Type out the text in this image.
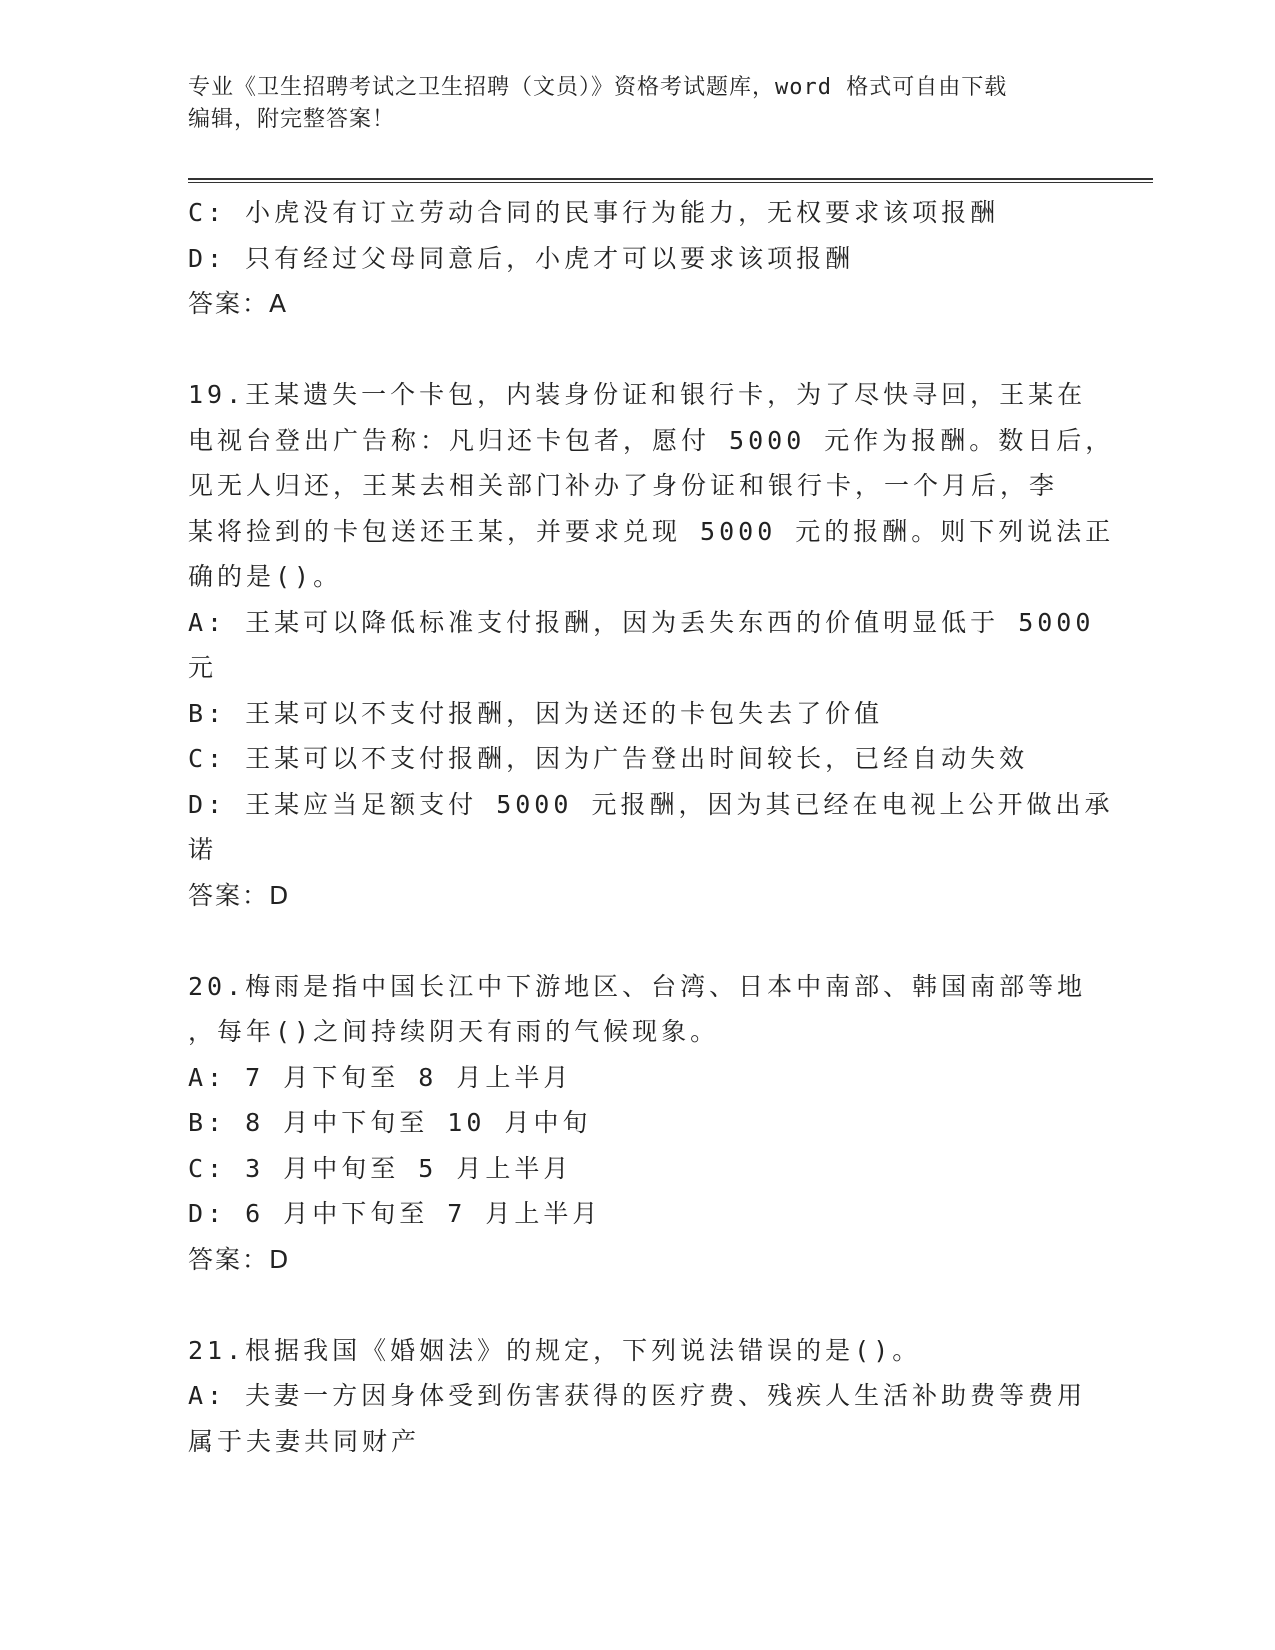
专业《卫生招聘考试之卫生招聘（文员）》资格考试题库，word 格式可自由下载
编辑，附完整答案！
C: 小虎没有订立劳动合同的民事行为能力，无权要求该项报酬
D: 只有经过父母同意后，小虎才可以要求该项报酬
答案：A
19.王某遗失一个卡包，内装身份证和银行卡，为了尽快寻回，王某在
电视台登出广告称：凡归还卡包者，愿付 5000 元作为报酬。数日后，
见无人归还，王某去相关部门补办了身份证和银行卡，一个月后，李
某将捡到的卡包送还王某，并要求兑现 5000 元的报酬。则下列说法正
确的是()。
A: 王某可以降低标准支付报酬，因为丢失东西的价值明显低于 5000
元
B: 王某可以不支付报酬，因为送还的卡包失去了价值
C: 王某可以不支付报酬，因为广告登出时间较长，已经自动失效
D: 王某应当足额支付 5000 元报酬，因为其已经在电视上公开做出承
诺
答案：D
20.梅雨是指中国长江中下游地区、台湾、日本中南部、韩国南部等地
，每年()之间持续阴天有雨的气候现象。
A: 7 月下旬至 8 月上半月
B: 8 月中下旬至 10 月中旬
C: 3 月中旬至 5 月上半月
D: 6 月中下旬至 7 月上半月
答案：D
21.根据我国《婚姻法》的规定，下列说法错误的是()。
A: 夫妻一方因身体受到伤害获得的医疗费、残疾人生活补助费等费用
属于夫妻共同财产
